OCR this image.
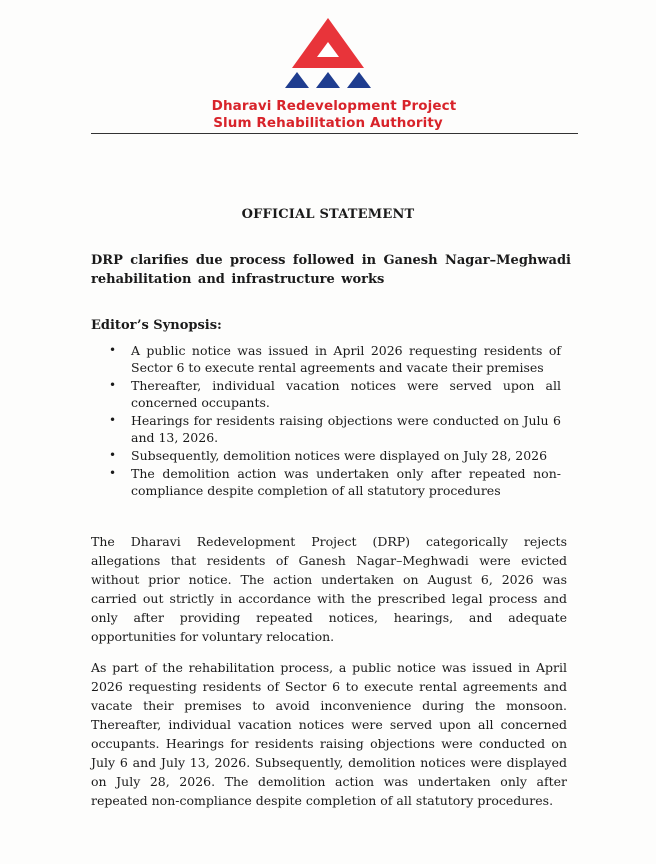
Dharavi Redevelopment Project
Slum Rehabilitation Authority
OFFICIAL STATEMENT
DRP clarifies due process followed in Ganesh Nagar–Meghwadi rehabilitation and infrastructure works
Editor’s Synopsis:
• A public notice was issued in April 2026 requesting residents of Sector 6 to execute rental agreements and vacate their premises
• Thereafter, individual vacation notices were served upon all concerned occupants.
• Hearings for residents raising objections were conducted on Julu 6 and 13, 2026.
• Subsequently, demolition notices were displayed on July 28, 2026
• The demolition action was undertaken only after repeated non-compliance despite completion of all statutory procedures

The Dharavi Redevelopment Project (DRP) categorically rejects allegations that residents of Ganesh Nagar–Meghwadi were evicted without prior notice. The action undertaken on August 6, 2026 was carried out strictly in accordance with the prescribed legal process and only after providing repeated notices, hearings, and adequate opportunities for voluntary relocation.

As part of the rehabilitation process, a public notice was issued in April 2026 requesting residents of Sector 6 to execute rental agreements and vacate their premises to avoid inconvenience during the monsoon. Thereafter, individual vacation notices were served upon all concerned occupants. Hearings for residents raising objections were conducted on July 6 and July 13, 2026. Subsequently, demolition notices were displayed on July 28, 2026. The demolition action was undertaken only after repeated non-compliance despite completion of all statutory procedures.
